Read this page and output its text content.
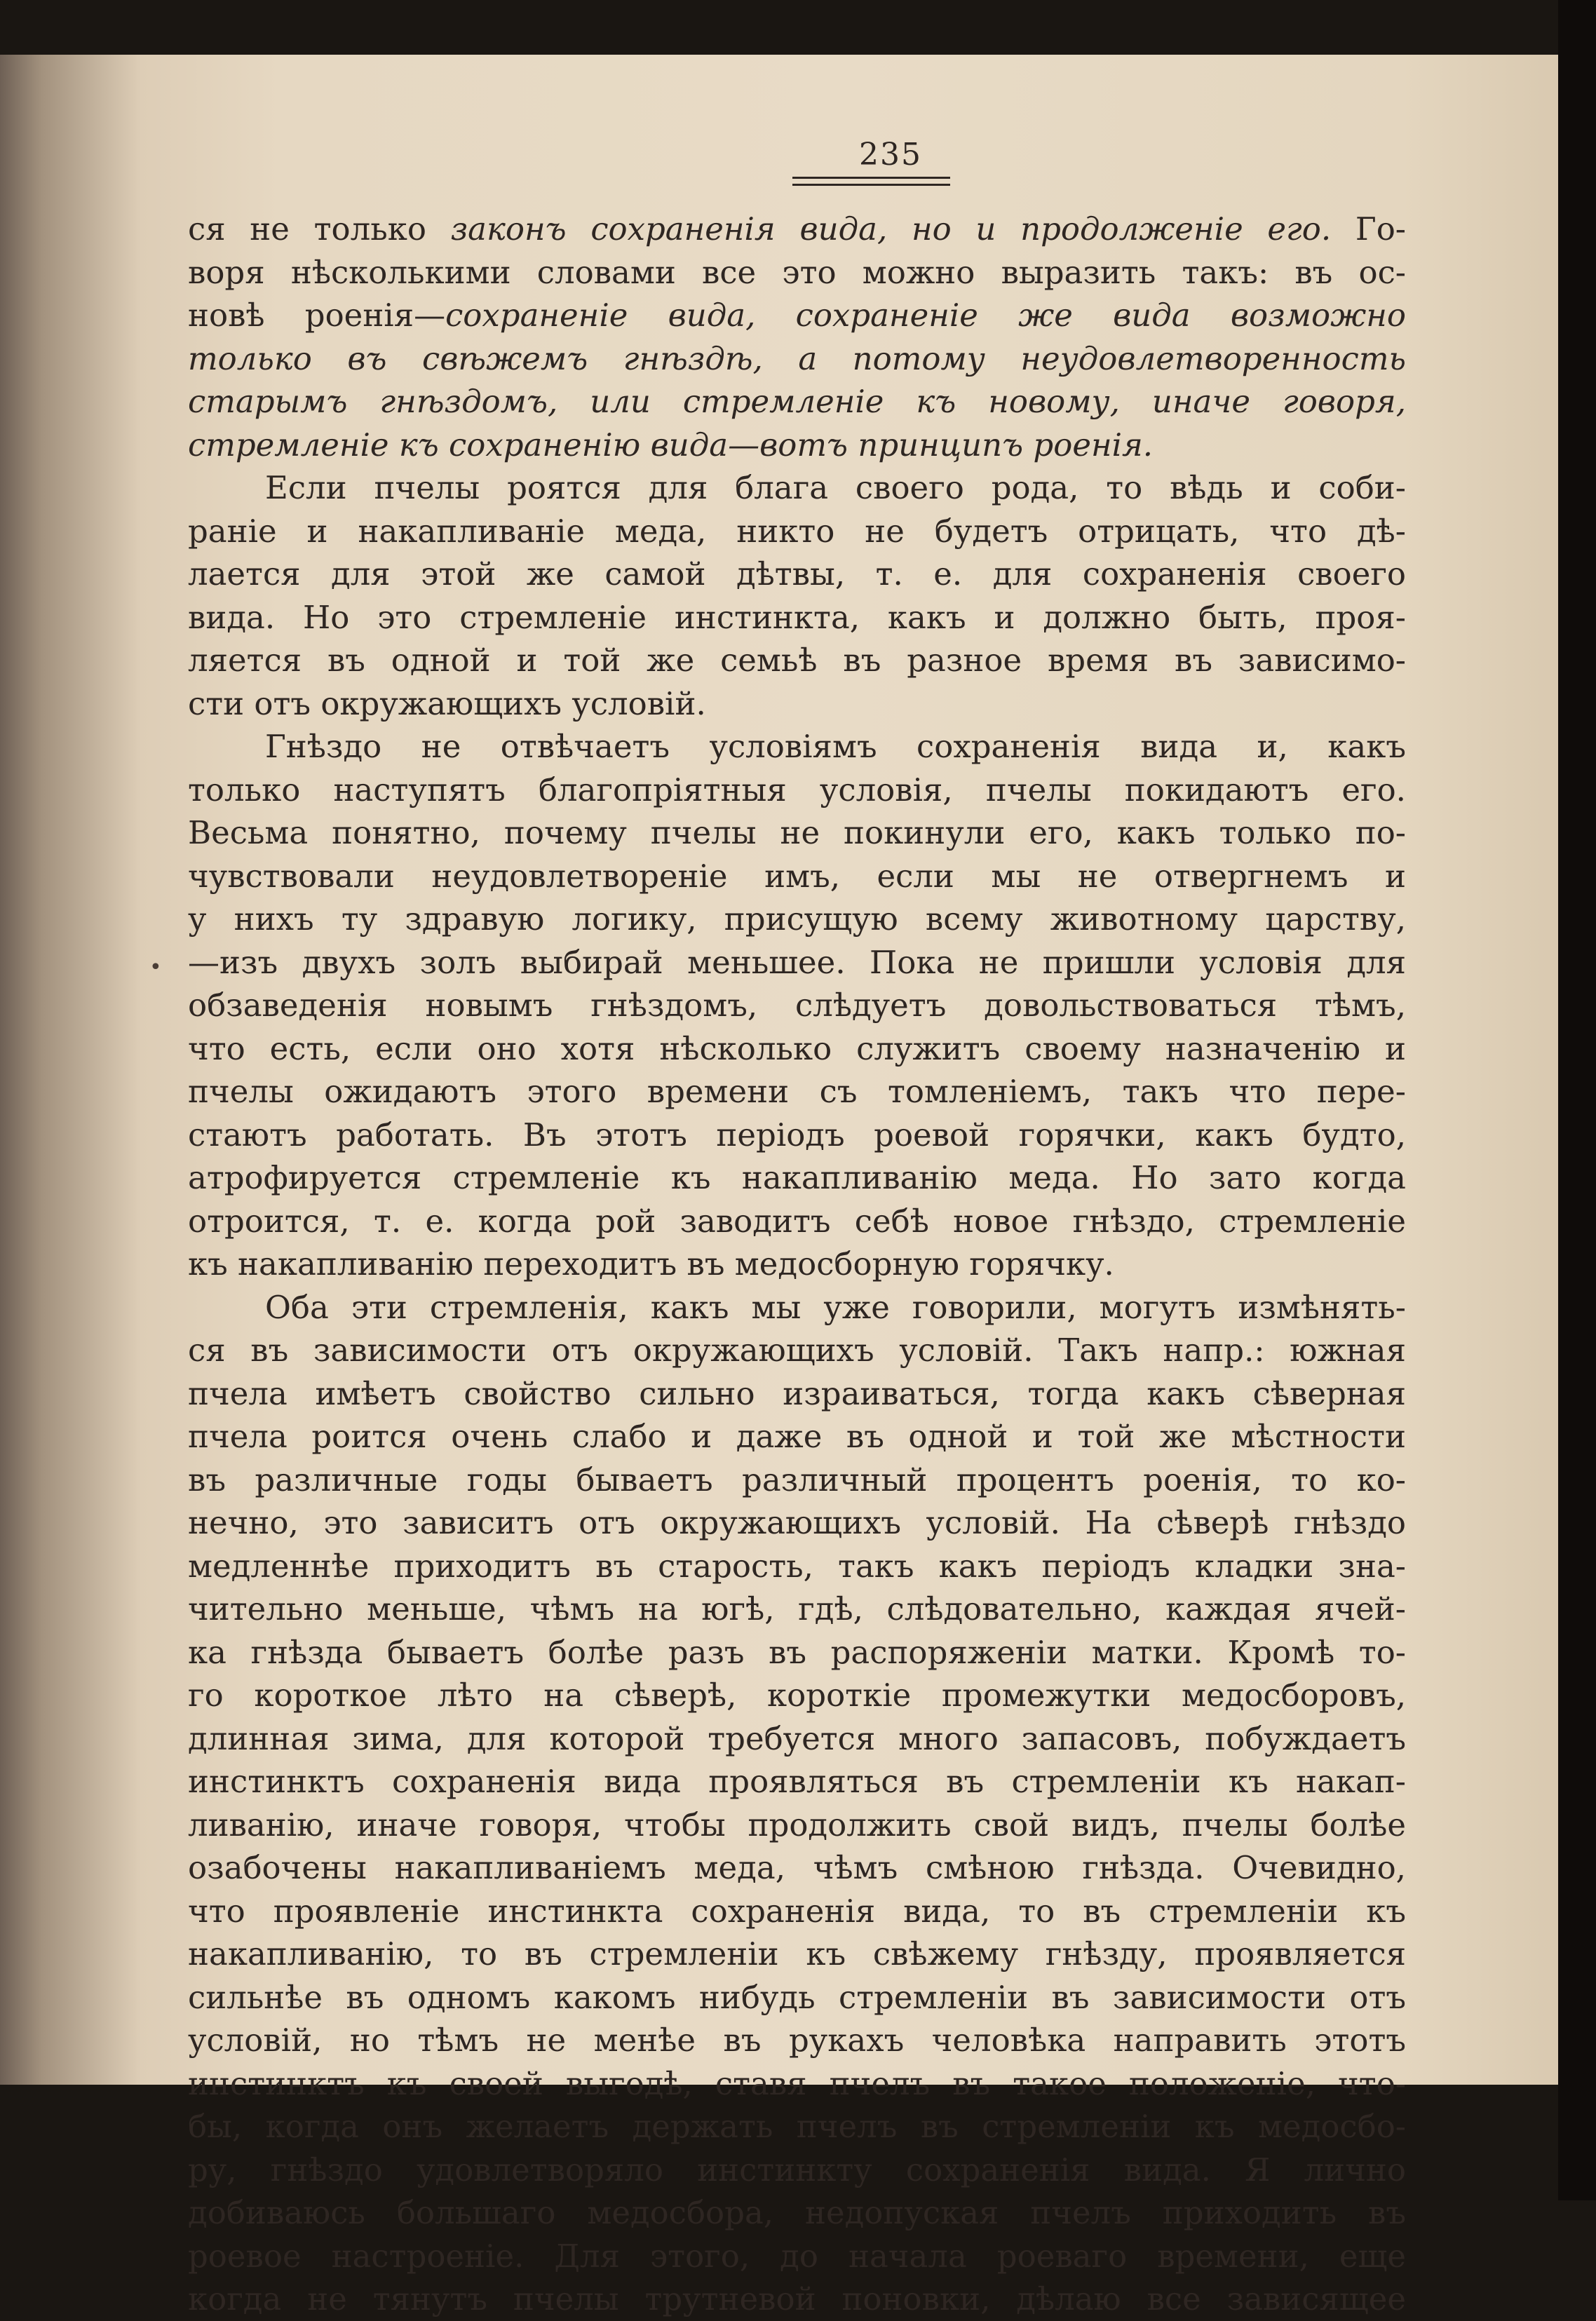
235
•
ся не только законъ сохраненія вида, но и продолженіе его. Го-
воря нѣсколькими словами все это можно выразить такъ: въ ос-
новѣ роенія—сохраненіе вида, сохраненіе же вида возможно
только въ свѣжемъ гнѣздѣ, а потому неудовлетворенность
старымъ гнѣздомъ, или стремленіе къ новому, иначе говоря,
стремленіе къ сохраненію вида—вотъ принципъ роенія.
Если пчелы роятся для блага своего рода, то вѣдь и соби-
раніе и накапливаніе меда, никто не будетъ отрицать, что дѣ-
лается для этой же самой дѣтвы, т. е. для сохраненія своего
вида. Но это стремленіе инстинкта, какъ и должно быть, проя-
ляется въ одной и той же семьѣ въ разное время въ зависимо-
сти отъ окружающихъ условій.
Гнѣздо не отвѣчаетъ условіямъ сохраненія вида и, какъ
только наступятъ благопріятныя условія, пчелы покидаютъ его.
Весьма понятно, почему пчелы не покинули его, какъ только по-
чувствовали неудовлетвореніе имъ, если мы не отвергнемъ и
у нихъ ту здравую логику, присущую всему животному царству,
—изъ двухъ золъ выбирай меньшее. Пока не пришли условія для
обзаведенія новымъ гнѣздомъ, слѣдуетъ довольствоваться тѣмъ,
что есть, если оно хотя нѣсколько служитъ своему назначенію и
пчелы ожидаютъ этого времени съ томленіемъ, такъ что пере-
стаютъ работать. Въ этотъ періодъ роевой горячки, какъ будто,
атрофируется стремленіе къ накапливанію меда. Но зато когда
отроится, т. е. когда рой заводитъ себѣ новое гнѣздо, стремленіе
къ накапливанію переходитъ въ медосборную горячку.
Оба эти стремленія, какъ мы уже говорили, могутъ измѣнять-
ся въ зависимости отъ окружающихъ условій. Такъ напр.: южная
пчела имѣетъ свойство сильно израиваться, тогда какъ сѣверная
пчела роится очень слабо и даже въ одной и той же мѣстности
въ различные годы бываетъ различный процентъ роенія, то ко-
нечно, это зависитъ отъ окружающихъ условій. На сѣверѣ гнѣздо
медленнѣе приходитъ въ старость, такъ какъ періодъ кладки зна-
чительно меньше, чѣмъ на югѣ, гдѣ, слѣдовательно, каждая ячей-
ка гнѣзда бываетъ болѣе разъ въ распоряженіи матки. Кромѣ то-
го короткое лѣто на сѣверѣ, короткіе промежутки медосборовъ,
длинная зима, для которой требуется много запасовъ, побуждаетъ
инстинктъ сохраненія вида проявляться въ стремленіи къ накап-
ливанію, иначе говоря, чтобы продолжить свой видъ, пчелы болѣе
озабочены накапливаніемъ меда, чѣмъ смѣною гнѣзда. Очевидно,
что проявленіе инстинкта сохраненія вида, то въ стремленіи къ
накапливанію, то въ стремленіи къ свѣжему гнѣзду, проявляется
сильнѣе въ одномъ какомъ нибудь стремленіи въ зависимости отъ
условій, но тѣмъ не менѣе въ рукахъ человѣка направить этотъ
инстинктъ къ своей выгодѣ, ставя пчелъ въ такое положеніе, что-
бы, когда онъ желаетъ держать пчелъ въ стремленіи къ медосбо-
ру, гнѣздо удовлетворяло инстинкту сохраненія вида. Я лично
добиваюсь большаго медосбора, недопуская пчелъ приходить въ
роевое настроеніе. Для этого, до начала роеваго времени, еще
когда не тянутъ пчелы трутневой поновки, дѣлаю все зависящее
